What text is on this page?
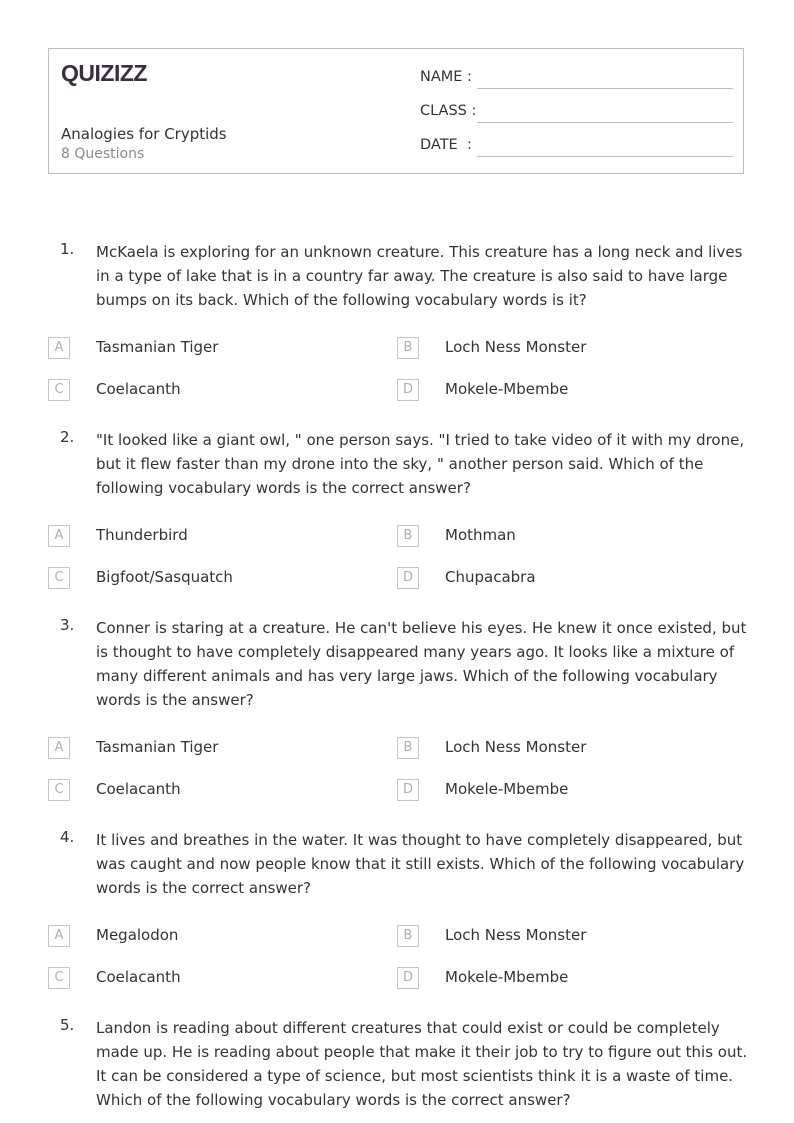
QUIZIZZ
Analogies for Cryptids
8 Questions
NAME :
CLASS :
DATE  :
1. McKaela is exploring for an unknown creature. This creature has a long neck and lives in a type of lake that is in a country far away. The creature is also said to have large bumps on its back. Which of the following vocabulary words is it?
A	Tasmanian Tiger	B	Loch Ness Monster
C	Coelacanth	D	Mokele-Mbembe
2. "It looked like a giant owl, " one person says. "I tried to take video of it with my drone, but it flew faster than my drone into the sky, " another person said. Which of the following vocabulary words is the correct answer?
A	Thunderbird	B	Mothman
C	Bigfoot/Sasquatch	D	Chupacabra
3. Conner is staring at a creature. He can't believe his eyes. He knew it once existed, but is thought to have completely disappeared many years ago. It looks like a mixture of many different animals and has very large jaws. Which of the following vocabulary words is the answer?
A	Tasmanian Tiger	B	Loch Ness Monster
C	Coelacanth	D	Mokele-Mbembe
4. It lives and breathes in the water. It was thought to have completely disappeared, but was caught and now people know that it still exists. Which of the following vocabulary words is the correct answer?
A	Megalodon	B	Loch Ness Monster
C	Coelacanth	D	Mokele-Mbembe
5. Landon is reading about different creatures that could exist or could be completely made up. He is reading about people that make it their job to try to figure out this out. It can be considered a type of science, but most scientists think it is a waste of time. Which of the following vocabulary words is the correct answer?
